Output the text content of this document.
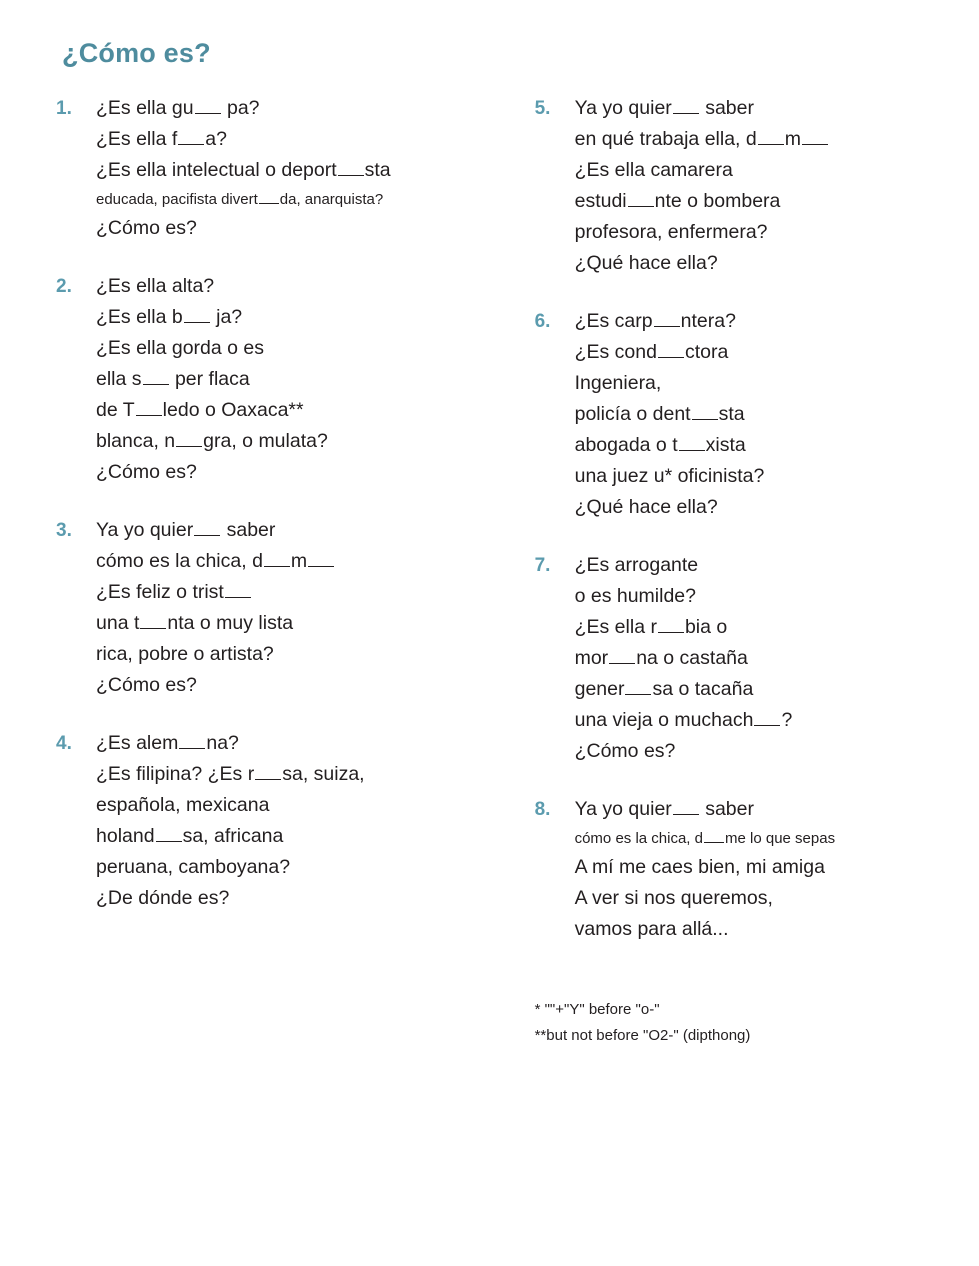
¿Cómo es?
1.	¿Es ella gu pa?
¿Es ella f a?
¿Es ella intelectual o deport sta
educada, pacifista divert da, anarquista?
¿Cómo es?
2.	¿Es ella alta?
¿Es ella b ja?
¿Es ella gorda o es
ella s per flaca
de T ledo o Oaxaca**
blanca, n gra, o mulata?
¿Cómo es?
3.	Ya yo quier saber
cómo es la chica, d m
¿Es feliz o trist
una t nta o muy lista
rica, pobre o artista?
¿Cómo es?
4.	¿Es alem na?
¿Es filipina? ¿Es r sa, suiza,
española, mexicana
holand sa, africana
peruana, camboyana?
¿De dónde es?
5.	Ya yo quier saber
en qué trabaja ella, d m
¿Es ella camarera
estudi nte o bombera
profesora, enfermera?
¿Qué hace ella?
6.	¿Es carp ntera?
¿Es cond ctora
Ingeniera,
policía o dent sta
abogada o t xista
una juez u* oficinista?
¿Qué hace ella?
7.	¿Es arrogante
o es humilde?
¿Es ella r bia o
mor na o castaña
gener sa o tacaña
una vieja o muchach ?
¿Cómo es?
8.	Ya yo quier saber
cómo es la chica, d me lo que sepas
A mí me caes bien, mi amiga
A ver si nos queremos,
vamos para allá...
* ""+"Y" before "o-"
**but not before "O2-" (dipthong)
